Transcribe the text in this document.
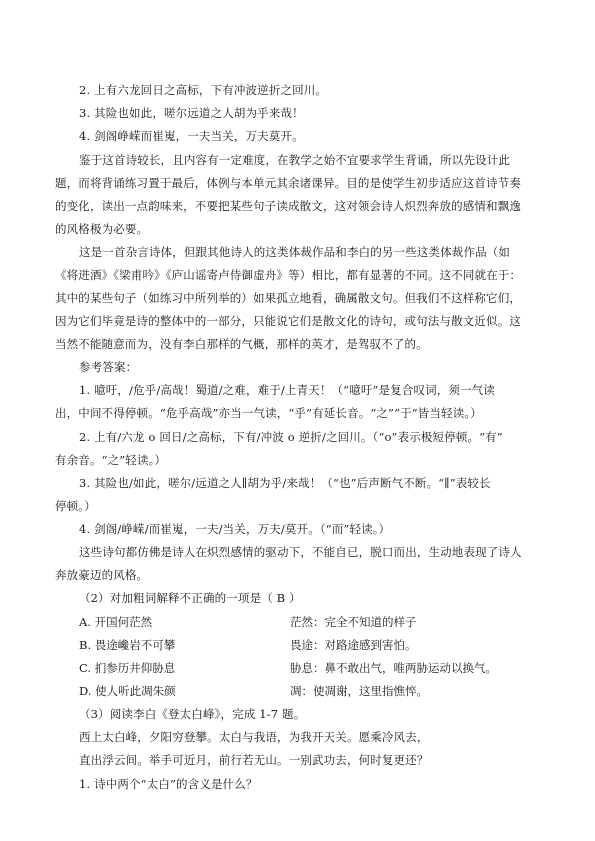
2. 上有六龙回日之高标，下有冲波逆折之回川。
3. 其险也如此，嗟尔远道之人胡为乎来哉！
4. 剑阁峥嵘而崔嵬，一夫当关，万夫莫开。
鉴于这首诗较长，且内容有一定难度，在教学之始不宜要求学生背诵，所以先设计此
题，而将背诵练习置于最后，体例与本单元其余诸课异。目的是使学生初步适应这首诗节奏
的变化，读出一点韵味来，不要把某些句子读成散文，这对领会诗人炽烈奔放的感情和飘逸
的风格极为必要。
这是一首杂言诗体，但跟其他诗人的这类体裁作品和李白的另一些这类体裁作品（如
《将进酒》《梁甫吟》《庐山谣寄卢侍御虚舟》等）相比，都有显著的不同。这不同就在于：
其中的某些句子（如练习中所列举的）如果孤立地看，确属散文句。但我们不这样称它们，
因为它们毕竟是诗的整体中的一部分，只能说它们是散文化的诗句，或句法与散文近似。这
当然不能随意而为，没有李白那样的气概，那样的英才，是驾驭不了的。
参考答案：
1. 噫吁，/危乎/高哉！蜀道/之难，难于/上青天！（“噫吁”是复合叹词，须一气读
出，中间不得停顿。“危乎高哉”亦当一气读，“乎”有延长音。“之”“于”皆当轻读。）
2. 上有/六龙 o 回日/之高标，下有/冲波 o 逆折/之回川。（“o”表示极短停顿。“有”
有余音。“之”轻读。）
3. 其险也/如此，嗟尔/远道之人∥胡为乎/来哉！（“也”后声断气不断。“∥”表较长
停顿。）
4. 剑阁/峥嵘/而崔嵬，一夫/当关，万夫/莫开。（“而”轻读。）
这些诗句都仿佛是诗人在炽烈感情的驱动下，不能自已，脱口而出，生动地表现了诗人
奔放豪迈的风格。
（2）对加粗词解释不正确的一项是（ B ）
A. 开国何茫然	茫然：完全不知道的样子
B. 畏途巉岩不可攀	畏途：对路途感到害怕。
C. 扪参历井仰胁息	胁息：鼻不敢出气，唯两胁运动以换气。
D. 使人听此凋朱颜	凋：使凋谢，这里指憔悴。
（3）阅读李白《登太白峰》，完成 1-7 题。
西上太白峰，夕阳穷登攀。太白与我语，为我开天关。愿乘冷风去，
直出浮云间。举手可近月，前行若无山。一别武功去，何时复更还？
1. 诗中两个“太白”的含义是什么？
